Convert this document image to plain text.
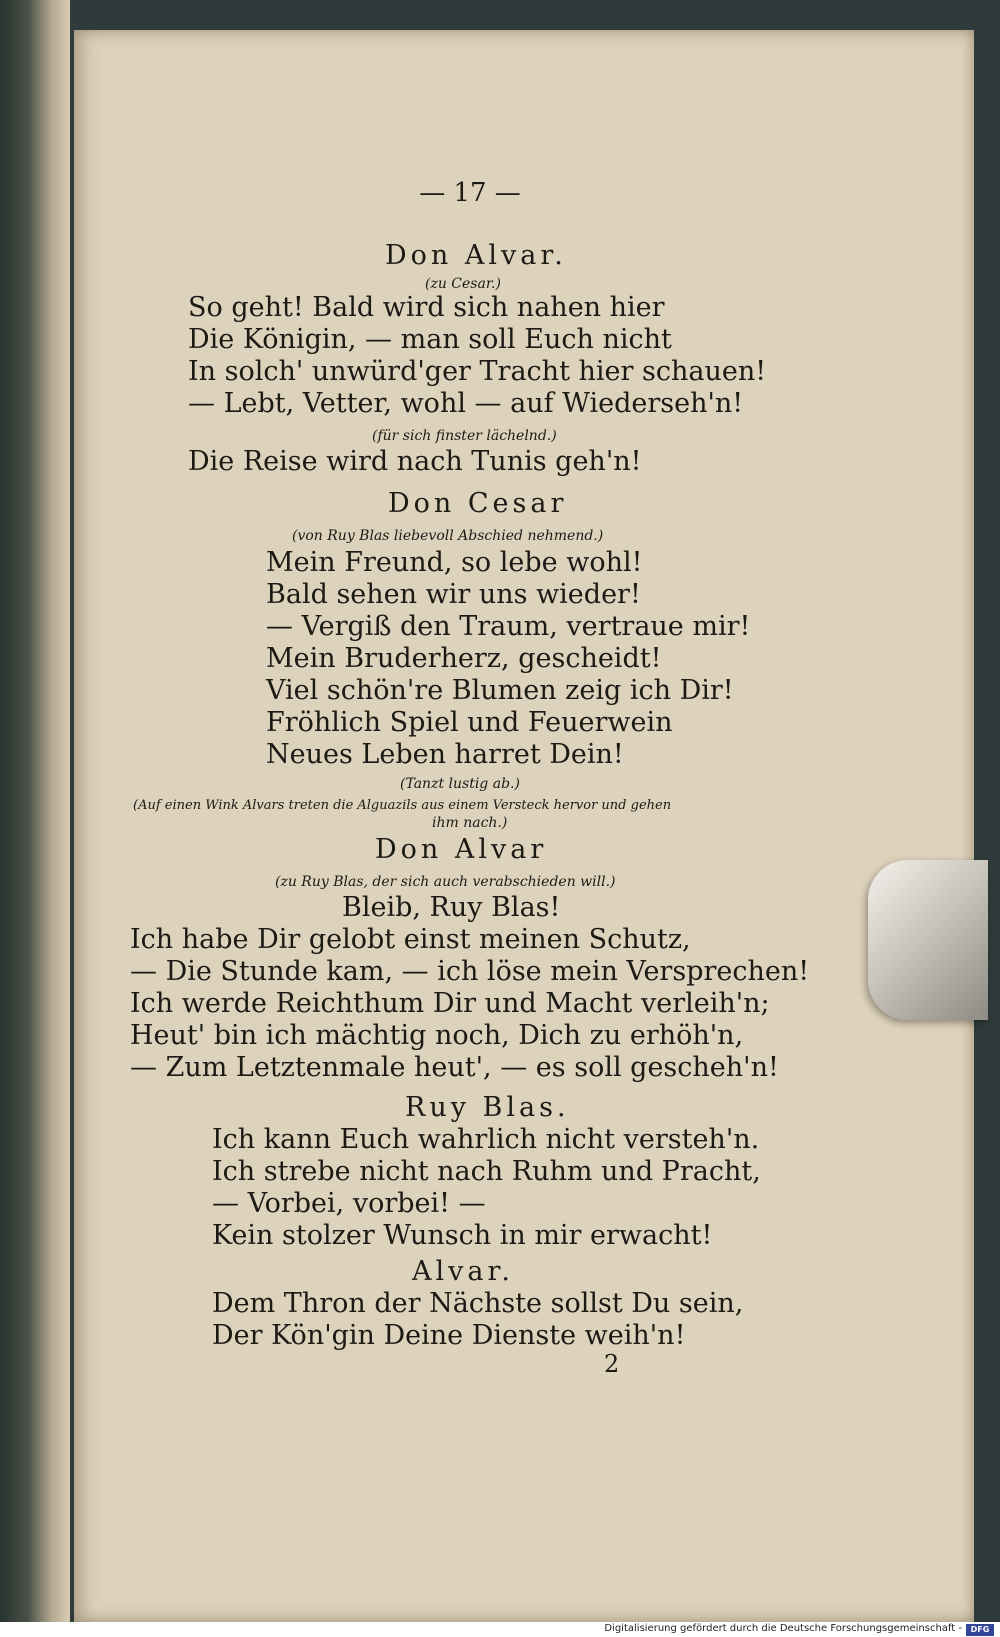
— 17 —
Don Alvar.
(zu Cesar.)
So geht! Bald wird sich nahen hier
Die Königin, — man soll Euch nicht
In solch' unwürd'ger Tracht hier schauen!
— Lebt, Vetter, wohl — auf Wiederseh'n!
(für sich finster lächelnd.)
Die Reise wird nach Tunis geh'n!
Don Cesar
(von Ruy Blas liebevoll Abschied nehmend.)
Mein Freund, so lebe wohl!
Bald sehen wir uns wieder!
— Vergiß den Traum, vertraue mir!
Mein Bruderherz, gescheidt!
Viel schön're Blumen zeig ich Dir!
Fröhlich Spiel und Feuerwein
Neues Leben harret Dein!
(Tanzt lustig ab.)
(Auf einen Wink Alvars treten die Alguazils aus einem Versteck hervor und gehen
ihm nach.)
Don Alvar
(zu Ruy Blas, der sich auch verabschieden will.)
Bleib, Ruy Blas!
Ich habe Dir gelobt einst meinen Schutz,
— Die Stunde kam, — ich löse mein Versprechen!
Ich werde Reichthum Dir und Macht verleih'n;
Heut' bin ich mächtig noch, Dich zu erhöh'n,
— Zum Letztenmale heut', — es soll gescheh'n!
Ruy Blas.
Ich kann Euch wahrlich nicht versteh'n.
Ich strebe nicht nach Ruhm und Pracht,
— Vorbei, vorbei! —
Kein stolzer Wunsch in mir erwacht!
Alvar.
Dem Thron der Nächste sollst Du sein,
Der Kön'gin Deine Dienste weih'n!
2
Digitalisierung gefördert durch die Deutsche Forschungsgemeinschaft -	DFG
